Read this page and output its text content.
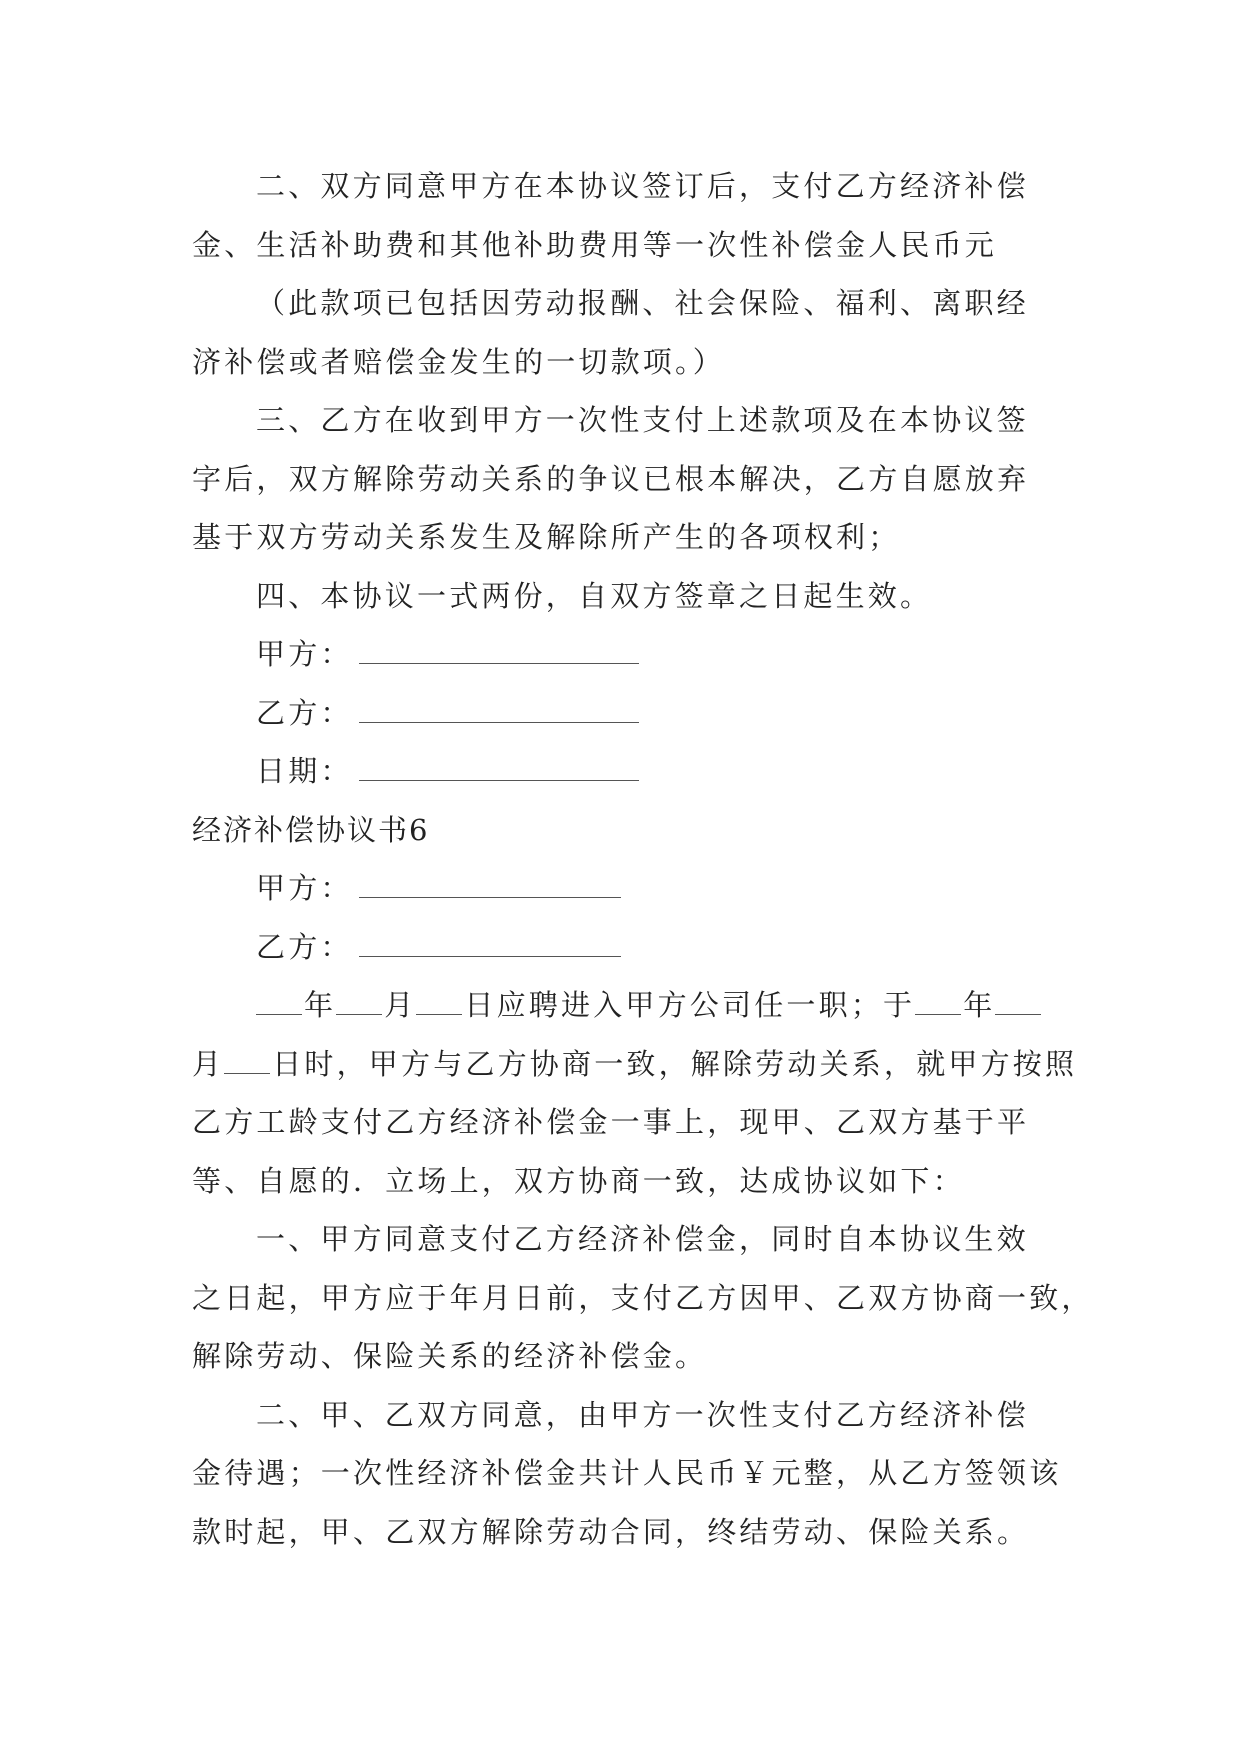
二、双方同意甲方在本协议签订后，支付乙方经济补偿
金、生活补助费和其他补助费用等一次性补偿金人民币元
（此款项已包括因劳动报酬、社会保险、福利、离职经
济补偿或者赔偿金发生的一切款项。）
三、乙方在收到甲方一次性支付上述款项及在本协议签
字后，双方解除劳动关系的争议已根本解决，乙方自愿放弃
基于双方劳动关系发生及解除所产生的各项权利；
四、本协议一式两份，自双方签章之日起生效。
甲方：
乙方：
日期：
经济补偿协议书6
甲方：
乙方：
年 月 日应聘进入甲方公司任一职；于 年
月 日时，甲方与乙方协商一致，解除劳动关系，就甲方按照
乙方工龄支付乙方经济补偿金一事上，现甲、乙双方基于平
等、自愿的．立场上，双方协商一致，达成协议如下：
一、甲方同意支付乙方经济补偿金，同时自本协议生效
之日起，甲方应于年月日前，支付乙方因甲、乙双方协商一致，
解除劳动、保险关系的经济补偿金。
二、甲、乙双方同意，由甲方一次性支付乙方经济补偿
金待遇；一次性经济补偿金共计人民币￥元整，从乙方签领该
款时起，甲、乙双方解除劳动合同，终结劳动、保险关系。
